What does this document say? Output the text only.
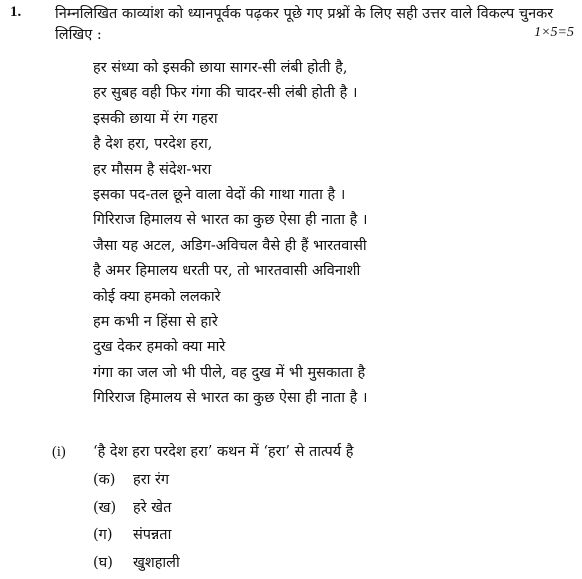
1. निम्नलिखित काव्यांश को ध्यानपूर्वक पढ़कर पूछे गए प्रश्नों के लिए सही उत्तर वाले विकल्प चुनकर लिखिए :	1×5=5
हर संध्या को इसकी छाया सागर-सी लंबी होती है,
हर सुबह वही फिर गंगा की चादर-सी लंबी होती है ।
इसकी छाया में रंग गहरा
है देश हरा, परदेश हरा,
हर मौसम है संदेश-भरा
इसका पद-तल छूने वाला वेदों की गाथा गाता है ।
गिरिराज हिमालय से भारत का कुछ ऐसा ही नाता है ।
जैसा यह अटल, अडिग-अविचल वैसे ही हैं भारतवासी
है अमर हिमालय धरती पर, तो भारतवासी अविनाशी
कोई क्या हमको ललकारे
हम कभी न हिंसा से हारे
दुख देकर हमको क्या मारे
गंगा का जल जो भी पीले, वह दुख में भी मुसकाता है
गिरिराज हिमालय से भारत का कुछ ऐसा ही नाता है ।
(i) ‘है देश हरा परदेश हरा’ कथन में ‘हरा’ से तात्पर्य है
(क) हरा रंग
(ख) हरे खेत
(ग) संपन्नता
(घ) खुशहाली
